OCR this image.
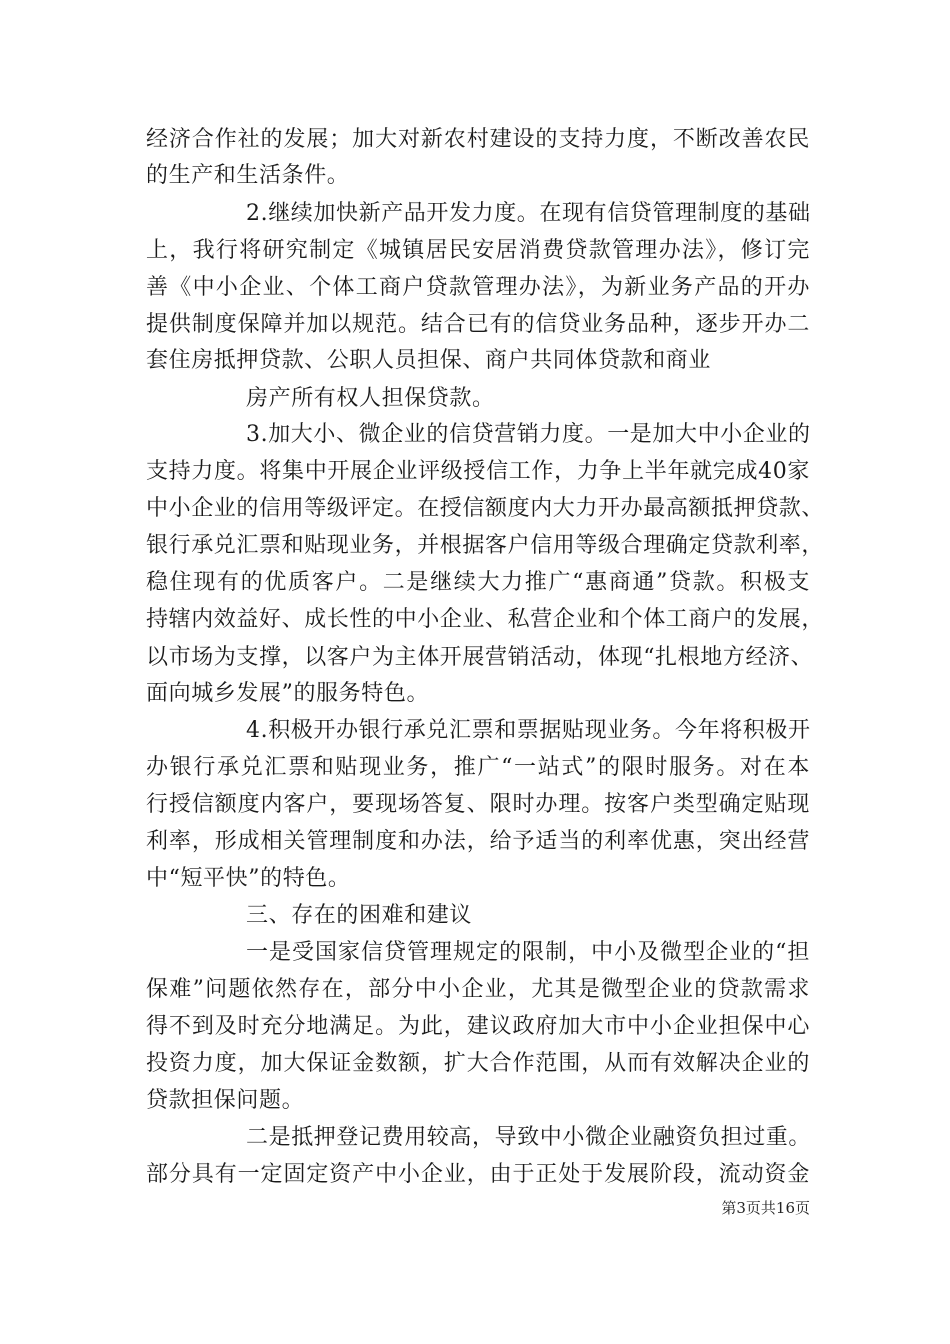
经济合作社的发展；加大对新农村建设的支持力度，不断改善农民
的生产和生活条件。
2.继续加快新产品开发力度。在现有信贷管理制度的基础
上，我行将研究制定《城镇居民安居消费贷款管理办法》，修订完
善《中小企业、个体工商户贷款管理办法》，为新业务产品的开办
提供制度保障并加以规范。结合已有的信贷业务品种，逐步开办二
套住房抵押贷款、公职人员担保、商户共同体贷款和商业
房产所有权人担保贷款。
3.加大小、微企业的信贷营销力度。一是加大中小企业的
支持力度。将集中开展企业评级授信工作，力争上半年就完成40家
中小企业的信用等级评定。在授信额度内大力开办最高额抵押贷款、
银行承兑汇票和贴现业务，并根据客户信用等级合理确定贷款利率，
稳住现有的优质客户。二是继续大力推广“惠商通”贷款。积极支
持辖内效益好、成长性的中小企业、私营企业和个体工商户的发展，
以市场为支撑，以客户为主体开展营销活动，体现“扎根地方经济、
面向城乡发展”的服务特色。
4.积极开办银行承兑汇票和票据贴现业务。今年将积极开
办银行承兑汇票和贴现业务，推广“一站式”的限时服务。对在本
行授信额度内客户，要现场答复、限时办理。按客户类型确定贴现
利率，形成相关管理制度和办法，给予适当的利率优惠，突出经营
中“短平快”的特色。
三、存在的困难和建议
一是受国家信贷管理规定的限制，中小及微型企业的“担
保难”问题依然存在，部分中小企业，尤其是微型企业的贷款需求
得不到及时充分地满足。为此，建议政府加大市中小企业担保中心
投资力度，加大保证金数额，扩大合作范围，从而有效解决企业的
贷款担保问题。
二是抵押登记费用较高，导致中小微企业融资负担过重。
部分具有一定固定资产中小企业，由于正处于发展阶段，流动资金
第3页共16页
